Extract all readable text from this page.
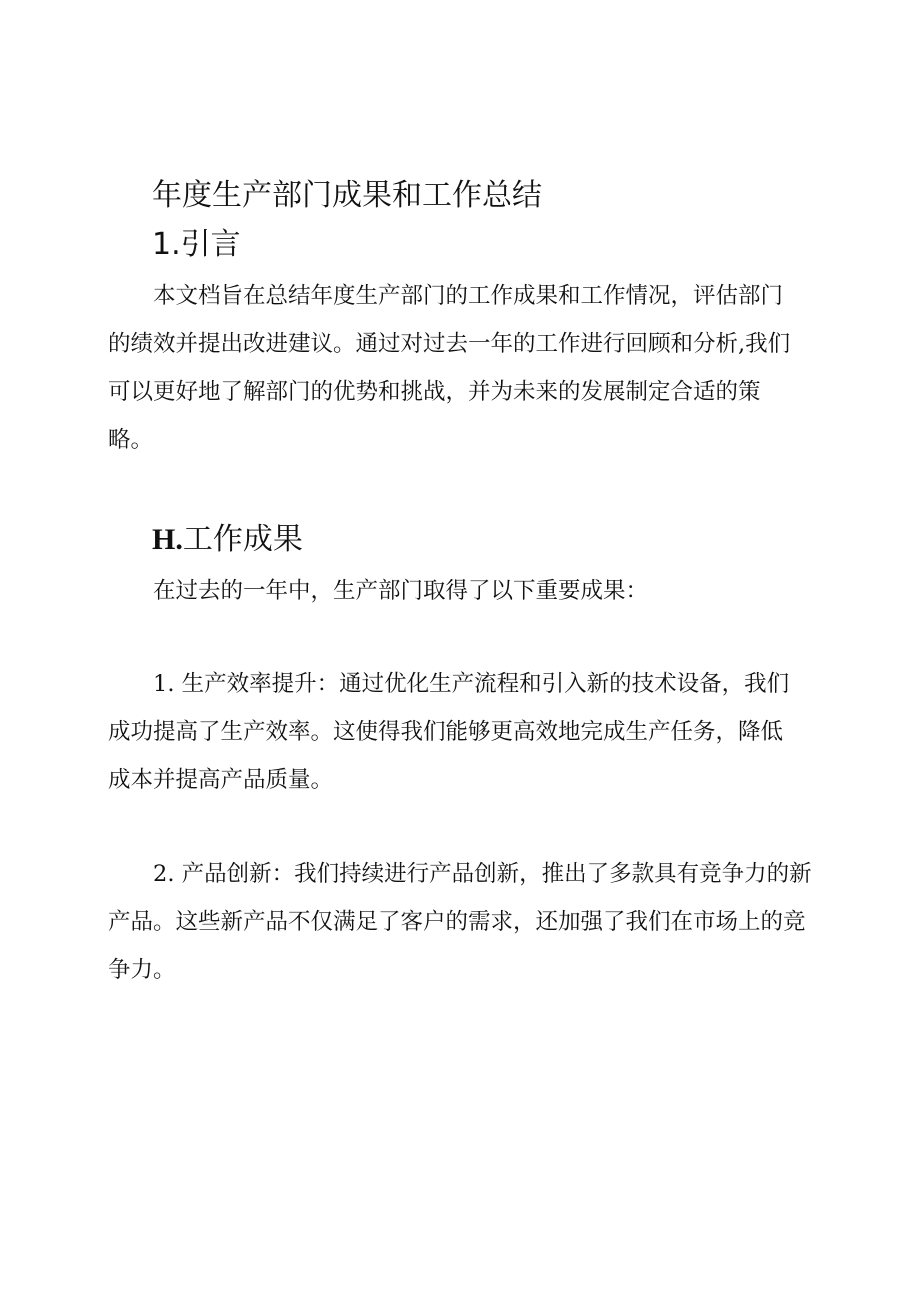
年度生产部门成果和工作总结
1.引言

本文档旨在总结年度生产部门的工作成果和工作情况，评估部门
的绩效并提出改进建议。通过对过去一年的工作进行回顾和分析,我们
可以更好地了解部门的优势和挑战，并为未来的发展制定合适的策
略。

H.工作成果

在过去的一年中，生产部门取得了以下重要成果：

1. 生产效率提升：通过优化生产流程和引入新的技术设备，我们
成功提高了生产效率。这使得我们能够更高效地完成生产任务，降低
成本并提高产品质量。

2. 产品创新：我们持续进行产品创新，推出了多款具有竞争力的新
产品。这些新产品不仅满足了客户的需求，还加强了我们在市场上的竞
争力。
